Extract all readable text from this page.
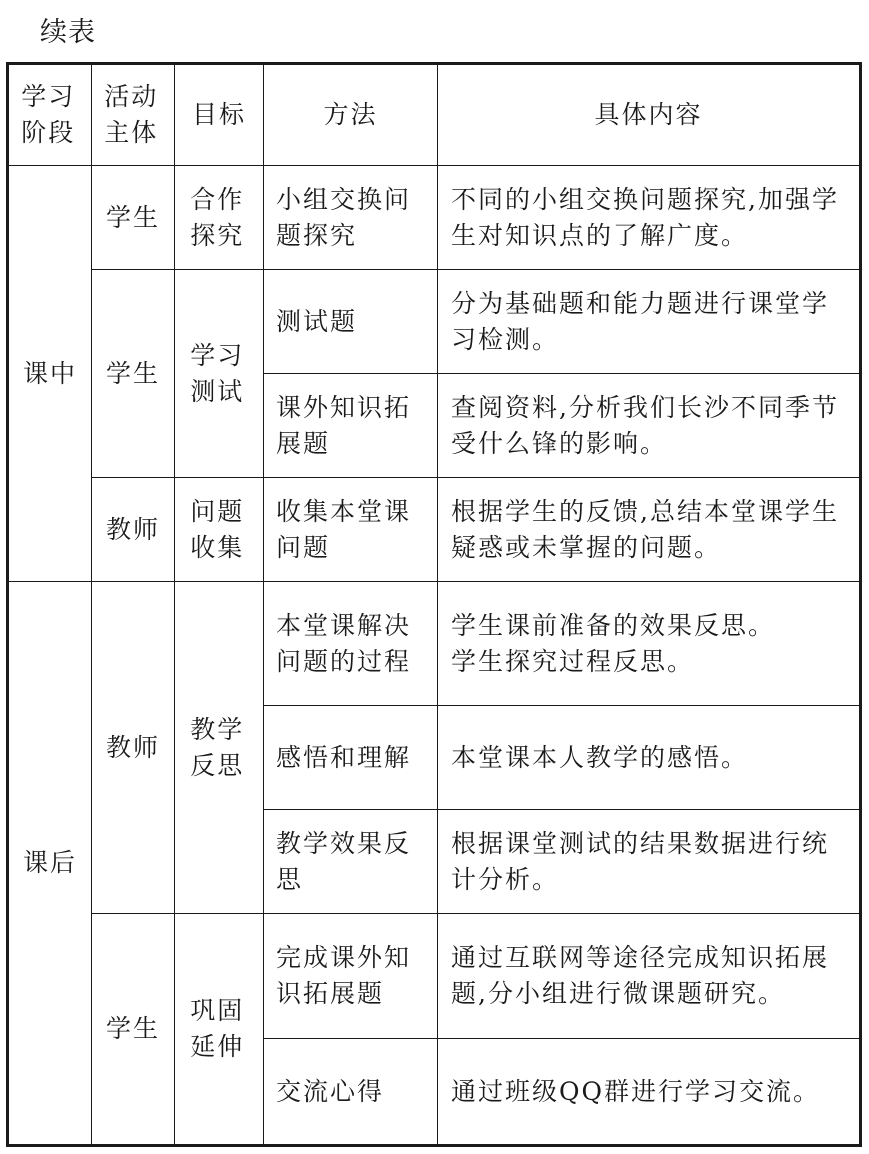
续表
学习阶段	活动主体	目标	方法	具体内容
课中	学生	合作探究	小组交换问题探究	不同的小组交换问题探究,加强学生对知识点的了解广度。
	学生	学习测试	测试题	分为基础题和能力题进行课堂学习检测。
			课外知识拓展题	查阅资料,分析我们长沙不同季节受什么锋的影响。
	教师	问题收集	收集本堂课问题	根据学生的反馈,总结本堂课学生疑惑或未掌握的问题。
课后	教师	教学反思	本堂课解决问题的过程	学生课前准备的效果反思。
学生探究过程反思。

			感悟和理解	本堂课本人教学的感悟。
			教学效果反思	根据课堂测试的结果数据进行统计分析。
	学生	巩固延伸	完成课外知识拓展题	通过互联网等途径完成知识拓展题,分小组进行微课题研究。
			交流心得	通过班级QQ群进行学习交流。
